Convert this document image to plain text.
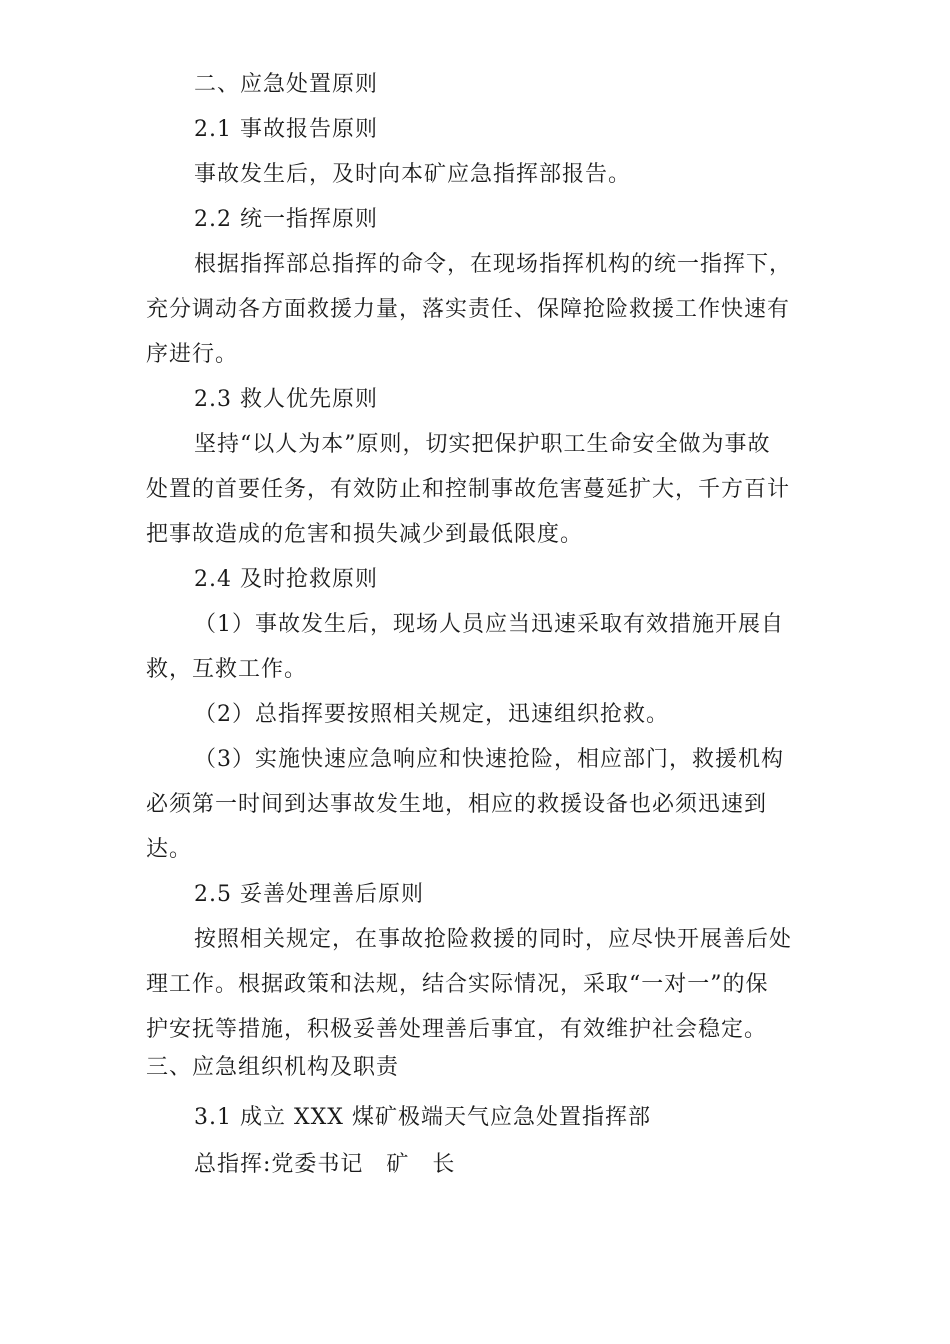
二、应急处置原则
2.1 事故报告原则
事故发生后，及时向本矿应急指挥部报告。
2.2 统一指挥原则
根据指挥部总指挥的命令，在现场指挥机构的统一指挥下，
充分调动各方面救援力量，落实责任、保障抢险救援工作快速有
序进行。
2.3 救人优先原则
坚持“以人为本”原则，切实把保护职工生命安全做为事故
处置的首要任务，有效防止和控制事故危害蔓延扩大，千方百计
把事故造成的危害和损失减少到最低限度。
2.4 及时抢救原则
（1）事故发生后，现场人员应当迅速采取有效措施开展自
救，互救工作。
（2）总指挥要按照相关规定，迅速组织抢救。
（3）实施快速应急响应和快速抢险，相应部门，救援机构
必须第一时间到达事故发生地，相应的救援设备也必须迅速到
达。
2.5 妥善处理善后原则
按照相关规定，在事故抢险救援的同时，应尽快开展善后处
理工作。根据政策和法规，结合实际情况，采取“一对一”的保
护安抚等措施，积极妥善处理善后事宜，有效维护社会稳定。
三、应急组织机构及职责
3.1 成立 XXX 煤矿极端天气应急处置指挥部
总指挥:党委书记　矿　长
